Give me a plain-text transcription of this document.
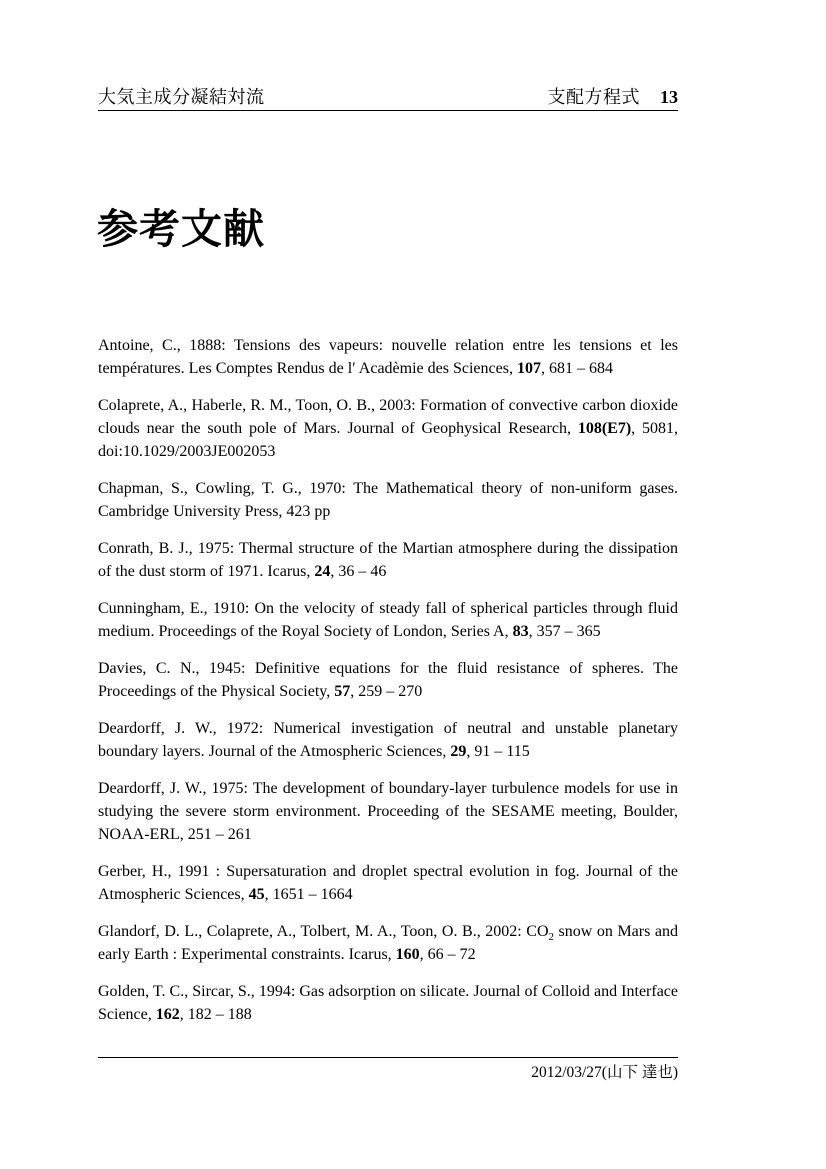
大気主成分凝結対流	支配方程式 13
参考文献

Antoine, C., 1888: Tensions des vapeurs: nouvelle relation entre les tensions et les températures. Les Comptes Rendus de l′ Acadèmie des Sciences, 107, 681 – 684

Colaprete, A., Haberle, R. M., Toon, O. B., 2003: Formation of convective carbon dioxide clouds near the south pole of Mars. Journal of Geophysical Research, 108(E7), 5081, doi:10.1029/2003JE002053

Chapman, S., Cowling, T. G., 1970: The Mathematical theory of non-uniform gases. Cambridge University Press, 423 pp

Conrath, B. J., 1975: Thermal structure of the Martian atmosphere during the dissipation of the dust storm of 1971. Icarus, 24, 36 – 46

Cunningham, E., 1910: On the velocity of steady fall of spherical particles through fluid medium. Proceedings of the Royal Society of London, Series A, 83, 357 – 365

Davies, C. N., 1945: Definitive equations for the fluid resistance of spheres. The Proceedings of the Physical Society, 57, 259 – 270

Deardorff, J. W., 1972: Numerical investigation of neutral and unstable planetary boundary layers. Journal of the Atmospheric Sciences, 29, 91 – 115

Deardorff, J. W., 1975: The development of boundary-layer turbulence models for use in studying the severe storm environment. Proceeding of the SESAME meeting, Boulder, NOAA-ERL, 251 – 261

Gerber, H., 1991 : Supersaturation and droplet spectral evolution in fog. Journal of the Atmospheric Sciences, 45, 1651 – 1664

Glandorf, D. L., Colaprete, A., Tolbert, M. A., Toon, O. B., 2002: $CO_2$ snow on Mars and early Earth : Experimental constraints. Icarus, 160, 66 – 72

Golden, T. C., Sircar, S., 1994: Gas adsorption on silicate. Journal of Colloid and Interface Science, 162, 182 – 188

2012/03/27(山下 達也)
